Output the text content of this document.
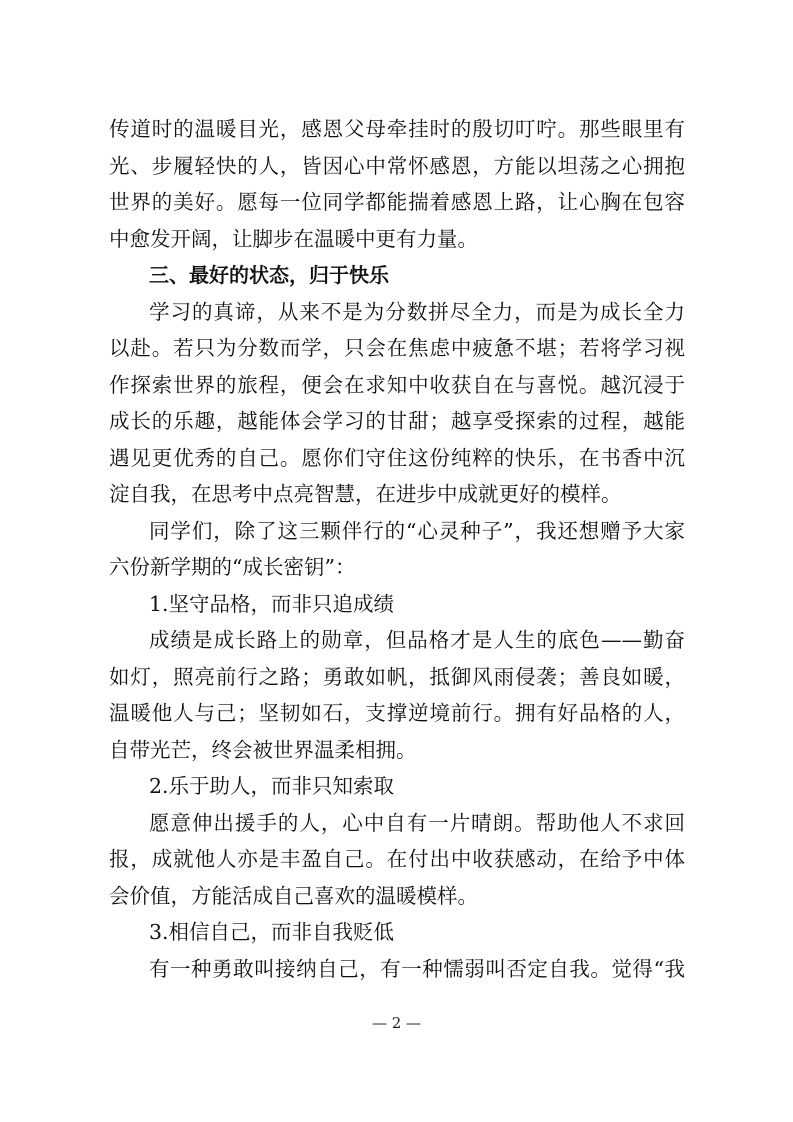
传道时的温暖目光，感恩父母牵挂时的殷切叮咛。那些眼里有
光、步履轻快的人，皆因心中常怀感恩，方能以坦荡之心拥抱
世界的美好。愿每一位同学都能揣着感恩上路，让心胸在包容
中愈发开阔，让脚步在温暖中更有力量。
三、最好的状态，归于快乐
学习的真谛，从来不是为分数拼尽全力，而是为成长全力
以赴。若只为分数而学，只会在焦虑中疲惫不堪；若将学习视
作探索世界的旅程，便会在求知中收获自在与喜悦。越沉浸于
成长的乐趣，越能体会学习的甘甜；越享受探索的过程，越能
遇见更优秀的自己。愿你们守住这份纯粹的快乐，在书香中沉
淀自我，在思考中点亮智慧，在进步中成就更好的模样。
同学们，除了这三颗伴行的“心灵种子”，我还想赠予大家
六份新学期的“成长密钥”：
1.坚守品格，而非只追成绩
成绩是成长路上的勋章，但品格才是人生的底色——勤奋
如灯，照亮前行之路；勇敢如帆，抵御风雨侵袭；善良如暖，
温暖他人与己；坚韧如石，支撑逆境前行。拥有好品格的人，
自带光芒，终会被世界温柔相拥。
2.乐于助人，而非只知索取
愿意伸出援手的人，心中自有一片晴朗。帮助他人不求回
报，成就他人亦是丰盈自己。在付出中收获感动，在给予中体
会价值，方能活成自己喜欢的温暖模样。
3.相信自己，而非自我贬低
有一种勇敢叫接纳自己，有一种懦弱叫否定自我。觉得“我
— 2 —
